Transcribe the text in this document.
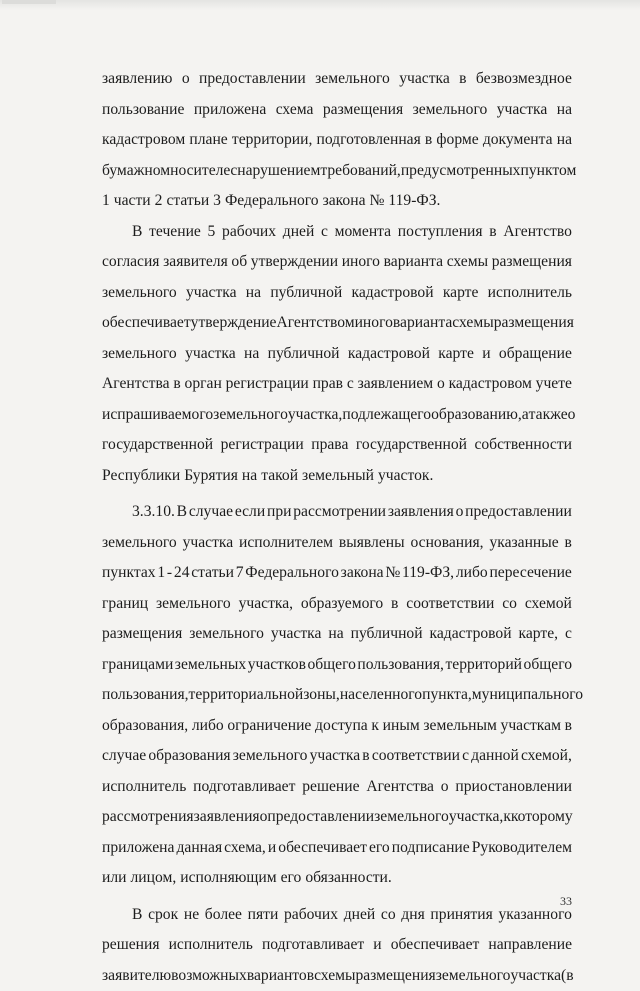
заявлению о предоставлении земельного участка в безвозмездное
пользование приложена схема размещения земельного участка на
кадастровом плане территории, подготовленная в форме документа на
бумажном носителе с нарушением требований, предусмотренных пунктом
1 части 2 статьи 3 Федерального закона № 119-ФЗ.
В течение 5 рабочих дней с момента поступления в Агентство
согласия заявителя об утверждении иного варианта схемы размещения
земельного участка на публичной кадастровой карте исполнитель
обеспечивает утверждение Агентством иного варианта схемы размещения
земельного участка на публичной кадастровой карте и обращение
Агентства в орган регистрации прав с заявлением о кадастровом учете
испрашиваемого земельного участка, подлежащего образованию, а также о
государственной регистрации права государственной собственности
Республики Бурятия на такой земельный участок.
3.3.10. В случае если при рассмотрении заявления о предоставлении
земельного участка исполнителем выявлены основания, указанные в
пунктах 1 - 24 статьи 7 Федерального закона № 119-ФЗ, либо пересечение
границ земельного участка, образуемого в соответствии со схемой
размещения земельного участка на публичной кадастровой карте, с
границами земельных участков общего пользования, территорий общего
пользования, территориальной зоны, населенного пункта, муниципального
образования, либо ограничение доступа к иным земельным участкам в
случае образования земельного участка в соответствии с данной схемой,
исполнитель подготавливает решение Агентства о приостановлении
рассмотрения заявления о предоставлении земельного участка, к которому
приложена данная схема, и обеспечивает его подписание Руководителем
или лицом, исполняющим его обязанности.
В срок не более пяти рабочих дней со дня принятия указанного
решения исполнитель подготавливает и обеспечивает направление
заявителю возможных вариантов схемы размещения земельного участка (в
33
